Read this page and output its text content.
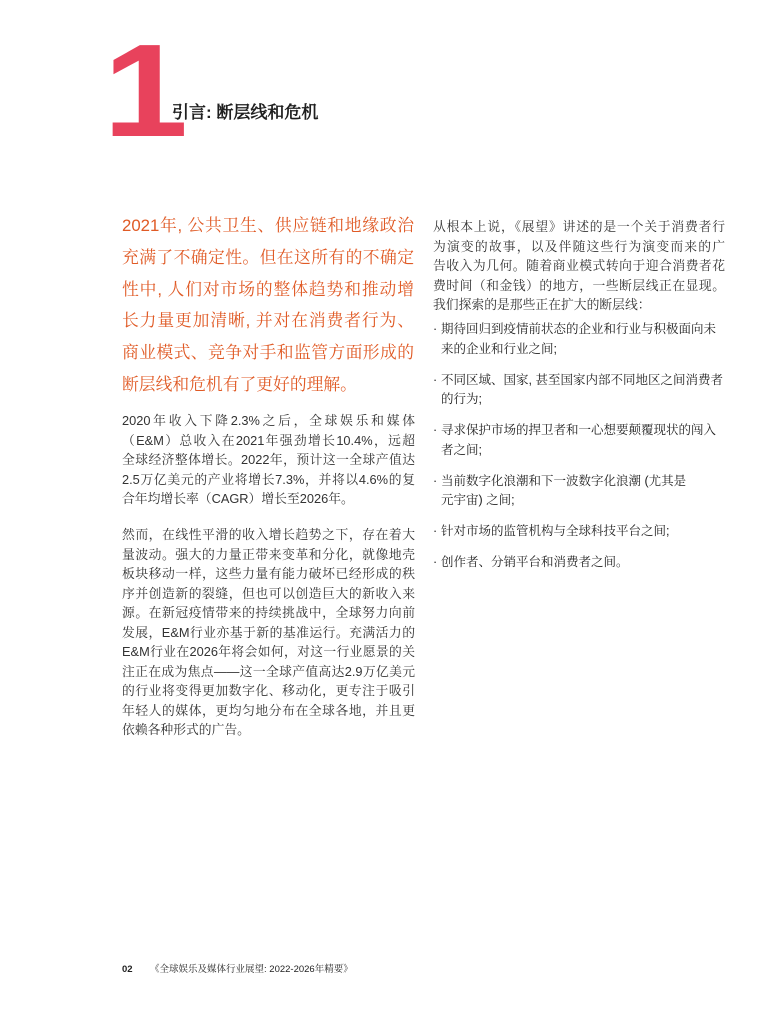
1
引言: 断层线和危机
2021年, 公共卫生、供应链和地缘政治
充满了不确定性。但在这所有的不确定
性中, 人们对市场的整体趋势和推动增
长力量更加清晰, 并对在消费者行为、
商业模式、竞争对手和监管方面形成的
断层线和危机有了更好的理解。
2020年收入下降2.3%之后，全球娱乐和媒体
（E&M）总收入在2021年强劲增长10.4%，远超
全球经济整体增长。2022年，预计这一全球产值达
2.5万亿美元的产业将增长7.3%，并将以4.6%的复
合年均增长率（CAGR）增长至2026年。
然而，在线性平滑的收入增长趋势之下，存在着大
量波动。强大的力量正带来变革和分化，就像地壳
板块移动一样，这些力量有能力破坏已经形成的秩
序并创造新的裂缝，但也可以创造巨大的新收入来
源。在新冠疫情带来的持续挑战中，全球努力向前
发展，E&M行业亦基于新的基准运行。充满活力的
E&M行业在2026年将会如何，对这一行业愿景的关
注正在成为焦点——这一全球产值高达2.9万亿美元
的行业将变得更加数字化、移动化，更专注于吸引
年轻人的媒体，更均匀地分布在全球各地，并且更
依赖各种形式的广告。
从根本上说，《展望》讲述的是一个关于消费者行
为演变的故事，以及伴随这些行为演变而来的广
告收入为几何。随着商业模式转向于迎合消费者花
费时间（和金钱）的地方，一些断层线正在显现。
我们探索的是那些正在扩大的断层线：
· 期待回归到疫情前状态的企业和行业与积极面向未
来的企业和行业之间;
· 不同区域、国家, 甚至国家内部不同地区之间消费者
的行为;
· 寻求保护市场的捍卫者和一心想要颠覆现状的闯入
者之间;
· 当前数字化浪潮和下一波数字化浪潮 (尤其是
元宇宙) 之间;
· 针对市场的监管机构与全球科技平台之间;
· 创作者、分销平台和消费者之间。
02 《全球娱乐及媒体行业展望: 2022-2026年精要》
